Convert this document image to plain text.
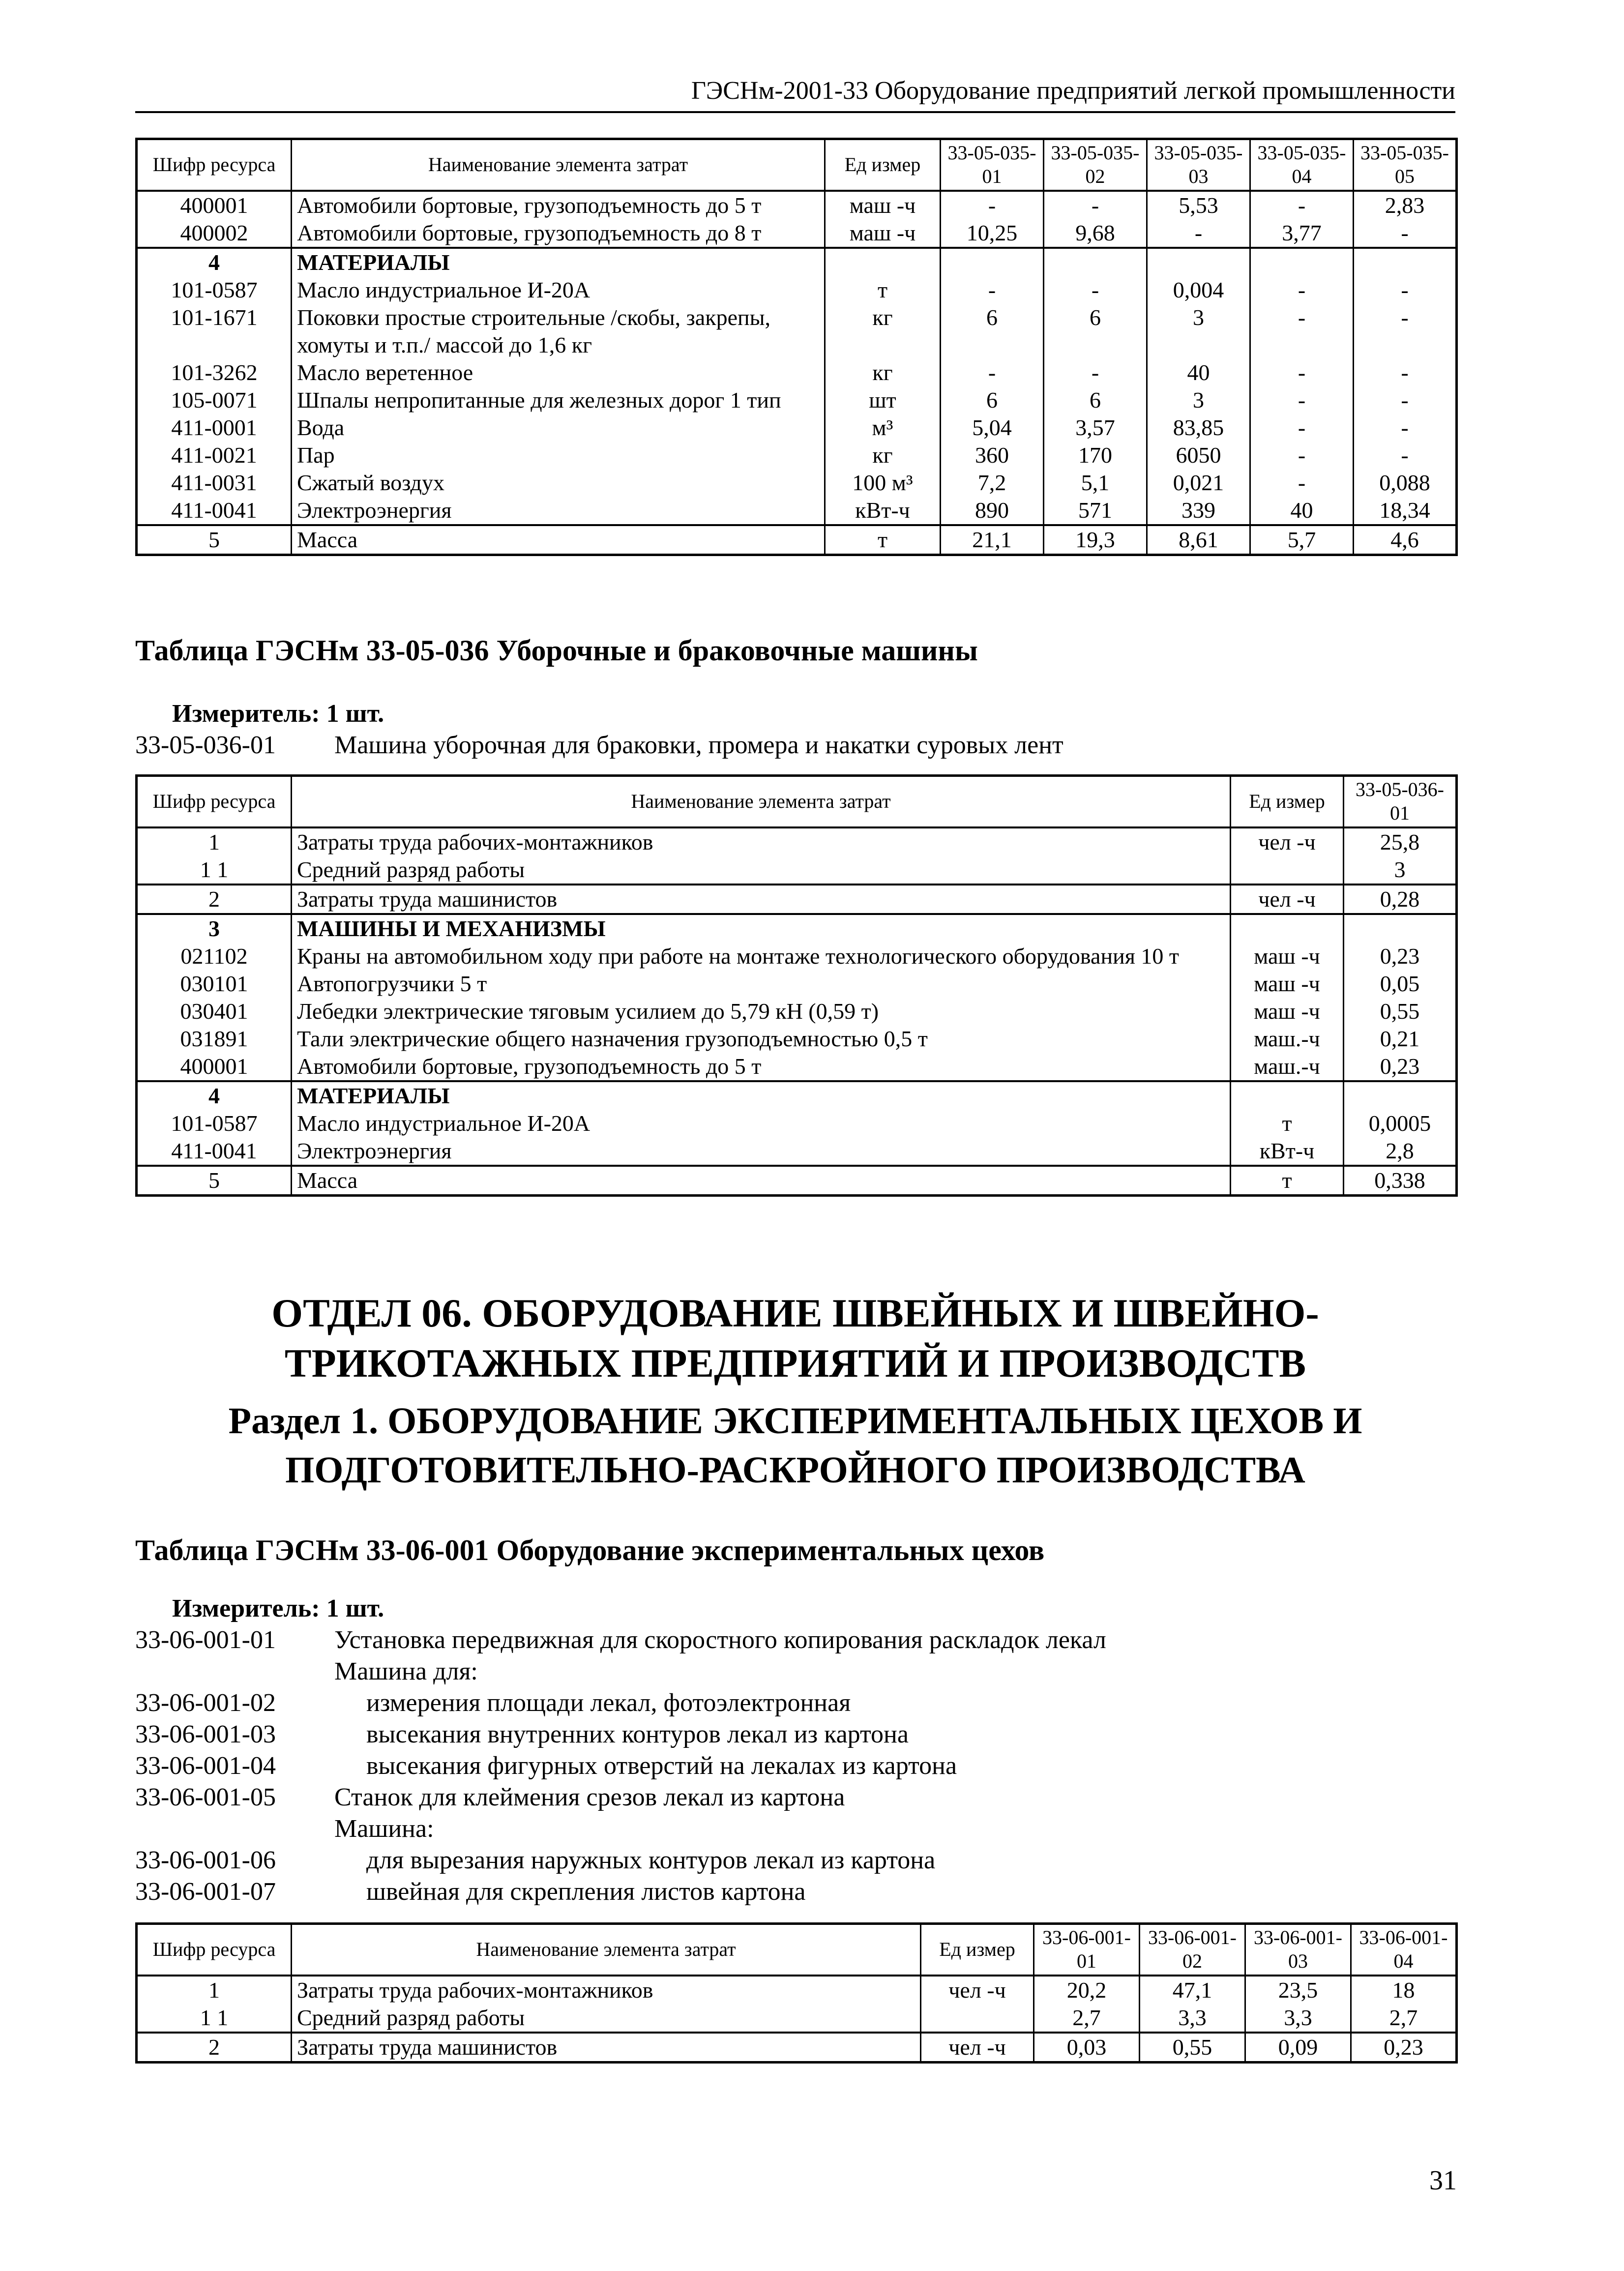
ГЭСНм-2001-33 Оборудование предприятий легкой промышленности
Шифр ресурса	Наименование элемента затрат	Ед измер	33-05-035-01	33-05-035-02	33-05-035-03	33-05-035-04	33-05-035-05
400001	Автомобили бортовые, грузоподъемность до 5 т	маш -ч	-	-	5,53	-	2,83
400002	Автомобили бортовые, грузоподъемность до 8 т	маш -ч	10,25	9,68	-	3,77	-
4	МАТЕРИАЛЫ						
101-0587	Масло индустриальное И-20А	т	-	-	0,004	-	-
101-1671	Поковки простые строительные /скобы, закрепы, хомуты и т.п./ массой до 1,6 кг	кг	6	6	3	-	-
101-3262	Масло веретенное	кг	-	-	40	-	-
105-0071	Шпалы непропитанные для железных дорог 1 тип	шт	6	6	3	-	-
411-0001	Вода	м³	5,04	3,57	83,85	-	-
411-0021	Пар	кг	360	170	6050	-	-
411-0031	Сжатый воздух	100 м³	7,2	5,1	0,021	-	0,088
411-0041	Электроэнергия	кВт-ч	890	571	339	40	18,34
5	Масса	т	21,1	19,3	8,61	5,7	4,6
Таблица ГЭСНм 33-05-036 Уборочные и браковочные машины
Измеритель: 1 шт.
33-05-036-01	Машина уборочная для браковки, промера и накатки суровых лент
Шифр ресурса	Наименование элемента затрат	Ед измер	33-05-036-01
1	Затраты труда рабочих-монтажников	чел -ч	25,8
1 1	Средний разряд работы		3
2	Затраты труда машинистов	чел -ч	0,28
3	МАШИНЫ И МЕХАНИЗМЫ		
021102	Краны на автомобильном ходу при работе на монтаже технологического оборудования 10 т	маш -ч	0,23
030101	Автопогрузчики 5 т	маш -ч	0,05
030401	Лебедки электрические тяговым усилием до 5,79 кН (0,59 т)	маш -ч	0,55
031891	Тали электрические общего назначения грузоподъемностью 0,5 т	маш.-ч	0,21
400001	Автомобили бортовые, грузоподъемность до 5 т	маш.-ч	0,23
4	МАТЕРИАЛЫ		
101-0587	Масло индустриальное И-20А	т	0,0005
411-0041	Электроэнергия	кВт-ч	2,8
5	Масса	т	0,338
ОТДЕЛ 06. ОБОРУДОВАНИЕ ШВЕЙНЫХ И ШВЕЙНО-ТРИКОТАЖНЫХ ПРЕДПРИЯТИЙ И ПРОИЗВОДСТВ
Раздел 1. ОБОРУДОВАНИЕ ЭКСПЕРИМЕНТАЛЬНЫХ ЦЕХОВ И ПОДГОТОВИТЕЛЬНО-РАСКРОЙНОГО ПРОИЗВОДСТВА
Таблица ГЭСНм 33-06-001 Оборудование экспериментальных цехов
Измеритель: 1 шт.
33-06-001-01	Установка передвижная для скоростного копирования раскладок лекал
Машина для:
33-06-001-02	измерения площади лекал, фотоэлектронная
33-06-001-03	высекания внутренних контуров лекал из картона
33-06-001-04	высекания фигурных отверстий на лекалах из картона
33-06-001-05	Станок для клеймения срезов лекал из картона
Машина:
33-06-001-06	для вырезания наружных контуров лекал из картона
33-06-001-07	швейная для скрепления листов картона
Шифр ресурса	Наименование элемента затрат	Ед измер	33-06-001-01	33-06-001-02	33-06-001-03	33-06-001-04
1	Затраты труда рабочих-монтажников	чел -ч	20,2	47,1	23,5	18
1 1	Средний разряд работы		2,7	3,3	3,3	2,7
2	Затраты труда машинистов	чел -ч	0,03	0,55	0,09	0,23
31
